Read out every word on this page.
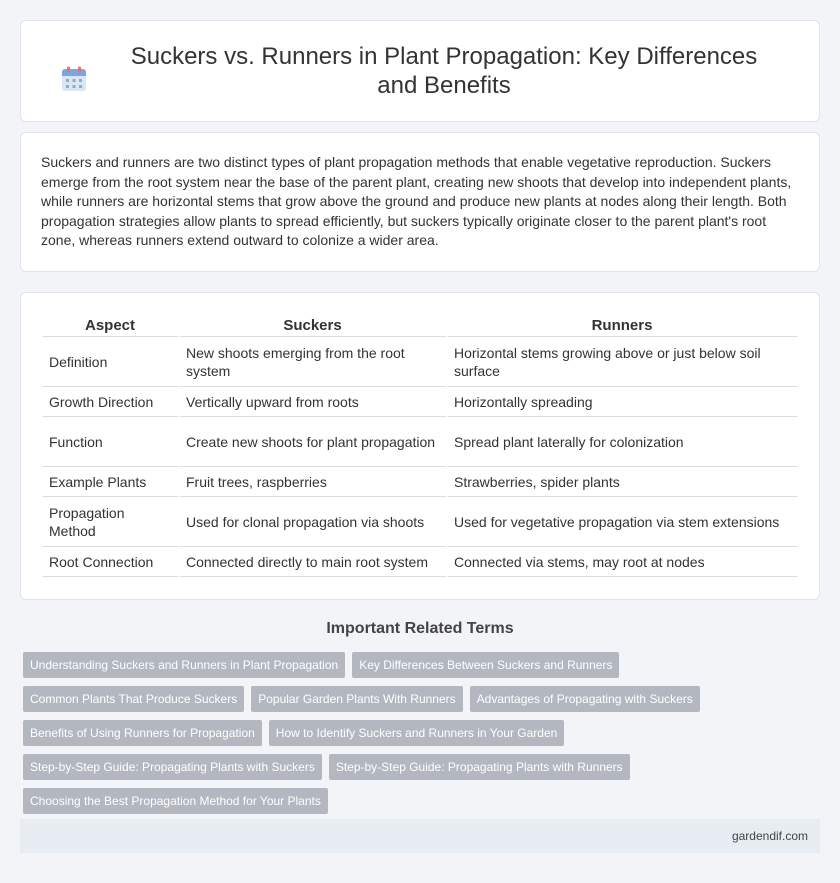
Suckers vs. Runners in Plant Propagation: Key Differences and Benefits

Suckers and runners are two distinct types of plant propagation methods that enable vegetative reproduction. Suckers emerge from the root system near the base of the parent plant, creating new shoots that develop into independent plants, while runners are horizontal stems that grow above the ground and produce new plants at nodes along their length. Both propagation strategies allow plants to spread efficiently, but suckers typically originate closer to the parent plant's root zone, whereas runners extend outward to colonize a wider area.

Aspect	Suckers	Runners
Definition	New shoots emerging from the root system	Horizontal stems growing above or just below soil surface
Growth Direction	Vertically upward from roots	Horizontally spreading
Function	Create new shoots for plant propagation	Spread plant laterally for colonization
Example Plants	Fruit trees, raspberries	Strawberries, spider plants
Propagation Method	Used for clonal propagation via shoots	Used for vegetative propagation via stem extensions
Root Connection	Connected directly to main root system	Connected via stems, may root at nodes
Important Related Terms
Understanding Suckers and Runners in Plant Propagation	Key Differences Between Suckers and Runners
Common Plants That Produce Suckers	Popular Garden Plants With Runners	Advantages of Propagating with Suckers
Benefits of Using Runners for Propagation	How to Identify Suckers and Runners in Your Garden
Step-by-Step Guide: Propagating Plants with Suckers	Step-by-Step Guide: Propagating Plants with Runners
Choosing the Best Propagation Method for Your Plants
gardendif.com
